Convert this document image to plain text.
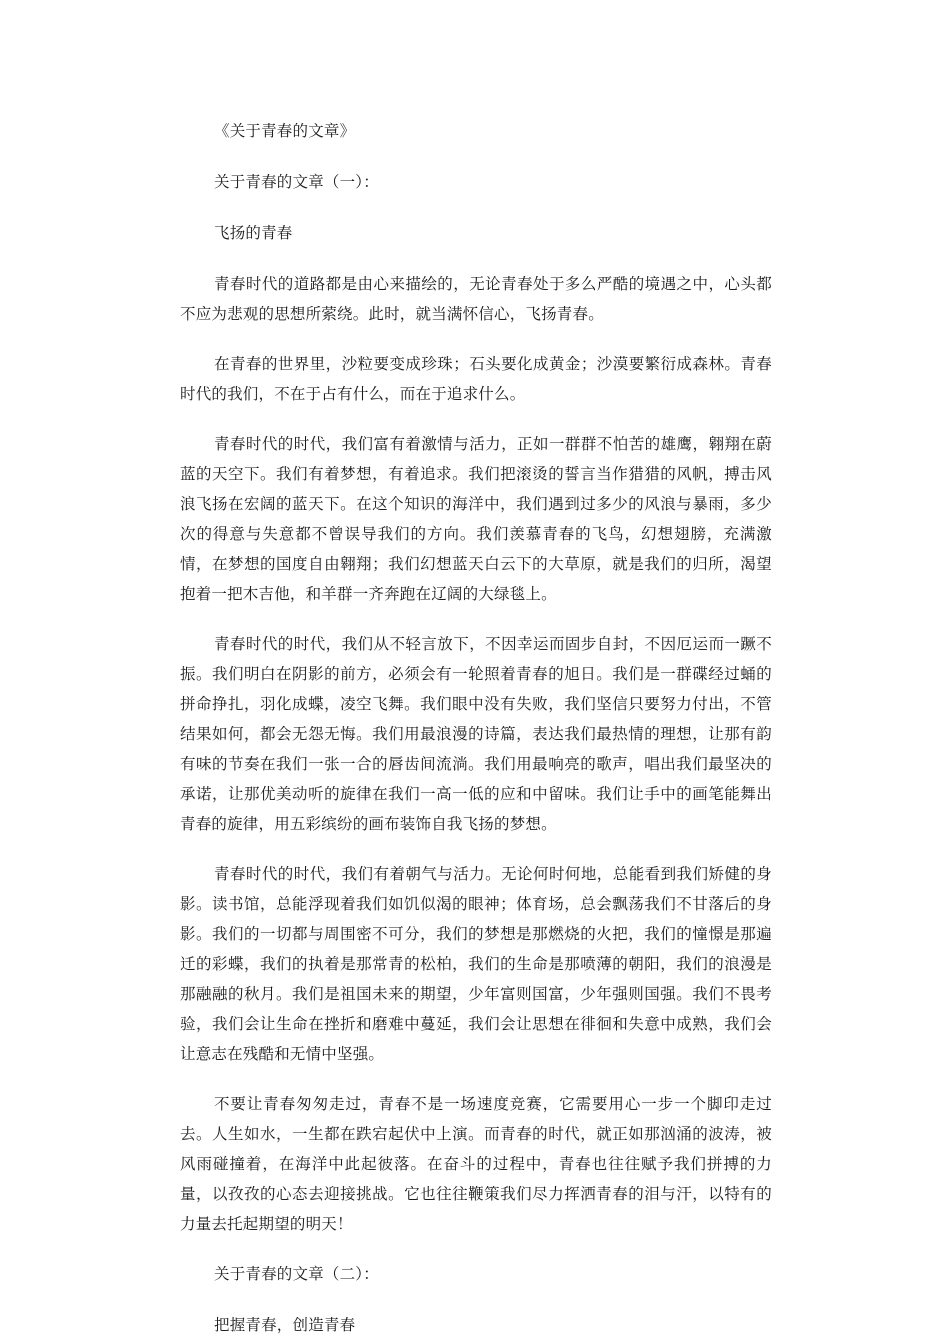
《关于青春的文章》

关于青春的文章（一）：

飞扬的青春

青春时代的道路都是由心来描绘的，无论青春处于多么严酷的境遇之中，心头都不应为悲观的思想所萦绕。此时，就当满怀信心，飞扬青春。

在青春的世界里，沙粒要变成珍珠；石头要化成黄金；沙漠要繁衍成森林。青春时代的我们，不在于占有什么，而在于追求什么。

青春时代的时代，我们富有着激情与活力，正如一群群不怕苦的雄鹰，翱翔在蔚蓝的天空下。我们有着梦想，有着追求。我们把滚烫的誓言当作猎猎的风帆，搏击风浪飞扬在宏阔的蓝天下。在这个知识的海洋中，我们遇到过多少的风浪与暴雨，多少次的得意与失意都不曾误导我们的方向。我们羡慕青春的飞鸟，幻想翅膀，充满激情，在梦想的国度自由翱翔；我们幻想蓝天白云下的大草原，就是我们的归所，渴望抱着一把木吉他，和羊群一齐奔跑在辽阔的大绿毯上。

青春时代的时代，我们从不轻言放下，不因幸运而固步自封，不因厄运而一蹶不振。我们明白在阴影的前方，必须会有一轮照着青春的旭日。我们是一群碟经过蛹的拼命挣扎，羽化成蝶，凌空飞舞。我们眼中没有失败，我们坚信只要努力付出，不管结果如何，都会无怨无悔。我们用最浪漫的诗篇，表达我们最热情的理想，让那有韵有味的节奏在我们一张一合的唇齿间流淌。我们用最响亮的歌声，唱出我们最坚决的承诺，让那优美动听的旋律在我们一高一低的应和中留味。我们让手中的画笔能舞出青春的旋律，用五彩缤纷的画布装饰自我飞扬的梦想。

青春时代的时代，我们有着朝气与活力。无论何时何地，总能看到我们矫健的身影。读书馆，总能浮现着我们如饥似渴的眼神；体育场，总会飘荡我们不甘落后的身影。我们的一切都与周围密不可分，我们的梦想是那燃烧的火把，我们的憧憬是那遍迁的彩蝶，我们的执着是那常青的松柏，我们的生命是那喷薄的朝阳，我们的浪漫是那融融的秋月。我们是祖国未来的期望，少年富则国富，少年强则国强。我们不畏考验，我们会让生命在挫折和磨难中蔓延，我们会让思想在徘徊和失意中成熟，我们会让意志在残酷和无情中坚强。

不要让青春匆匆走过，青春不是一场速度竞赛，它需要用心一步一个脚印走过去。人生如水，一生都在跌宕起伏中上演。而青春的时代，就正如那汹涌的波涛，被风雨碰撞着，在海洋中此起彼落。在奋斗的过程中，青春也往往赋予我们拼搏的力量，以孜孜的心态去迎接挑战。它也往往鞭策我们尽力挥洒青春的泪与汗，以特有的力量去托起期望的明天！

关于青春的文章（二）：

把握青春，创造青春
